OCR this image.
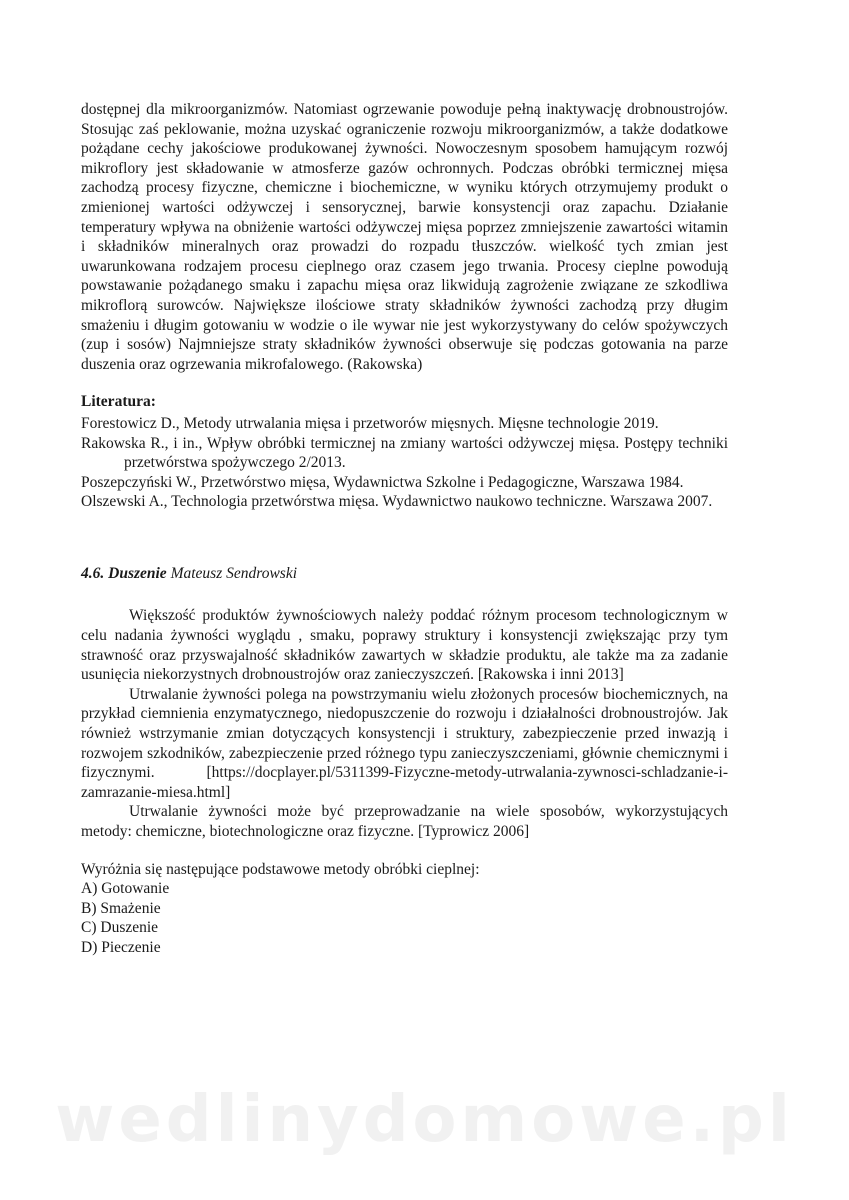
dostępnej dla mikroorganizmów. Natomiast ogrzewanie powoduje pełną inaktywację drobnoustrojów. Stosując zaś peklowanie, można uzyskać ograniczenie rozwoju mikroorganizmów, a także dodatkowe pożądane cechy jakościowe produkowanej żywności. Nowoczesnym sposobem hamującym rozwój mikroflory jest składowanie w atmosferze gazów ochronnych. Podczas obróbki termicznej mięsa zachodzą procesy fizyczne, chemiczne i biochemiczne, w wyniku których otrzymujemy produkt o zmienionej wartości odżywczej i sensorycznej, barwie konsystencji oraz zapachu. Działanie temperatury wpływa na obniżenie wartości odżywczej mięsa poprzez zmniejszenie zawartości witamin i składników mineralnych oraz prowadzi do rozpadu tłuszczów. wielkość tych zmian jest uwarunkowana rodzajem procesu cieplnego oraz czasem jego trwania. Procesy cieplne powodują powstawanie pożądanego smaku i zapachu mięsa oraz likwidują zagrożenie związane ze szkodliwa mikroflorą surowców. Największe ilościowe straty składników żywności zachodzą przy długim smażeniu i długim gotowaniu w wodzie o ile wywar nie jest wykorzystywany do celów spożywczych (zup i sosów) Najmniejsze straty składników żywności obserwuje się podczas gotowania na parze duszenia oraz ogrzewania mikrofalowego. (Rakowska)

Literatura:
Forestowicz D., Metody utrwalania mięsa i przetworów mięsnych. Mięsne technologie 2019.
Rakowska R., i in., Wpływ obróbki termicznej na zmiany wartości odżywczej mięsa. Postępy techniki przetwórstwa spożywczego 2/2013.
Poszepczyński W., Przetwórstwo mięsa, Wydawnictwa Szkolne i Pedagogiczne, Warszawa 1984.
Olszewski A., Technologia przetwórstwa mięsa. Wydawnictwo naukowo techniczne. Warszawa 2007.
4.6. Duszenie Mateusz Sendrowski

Większość produktów żywnościowych należy poddać różnym procesom technologicznym w celu nadania żywności wyglądu , smaku, poprawy struktury i konsystencji zwiększając przy tym strawność oraz przyswajalność składników zawartych w składzie produktu, ale także ma za zadanie usunięcia niekorzystnych drobnoustrojów oraz zanieczyszczeń. [Rakowska i inni 2013]

Utrwalanie żywności polega na powstrzymaniu wielu złożonych procesów biochemicznych, na przykład ciemnienia enzymatycznego, niedopuszczenie do rozwoju i działalności drobnoustrojów. Jak również wstrzymanie zmian dotyczących konsystencji i struktury, zabezpieczenie przed inwazją i rozwojem szkodników, zabezpieczenie przed różnego typu zanieczyszczeniami, głównie chemicznymi i fizycznymi. [https://docplayer.pl/5311399-Fizyczne-metody-utrwalania-zywnosci-schladzanie-i-zamrazanie-miesa.html]

Utrwalanie żywności może być przeprowadzanie na wiele sposobów, wykorzystujących metody: chemiczne, biotechnologiczne oraz fizyczne. [Typrowicz 2006]

Wyróżnia się następujące podstawowe metody obróbki cieplnej:

A) Gotowanie
B) Smażenie
C) Duszenie
D) Pieczenie
wedlinydomowe.pl
